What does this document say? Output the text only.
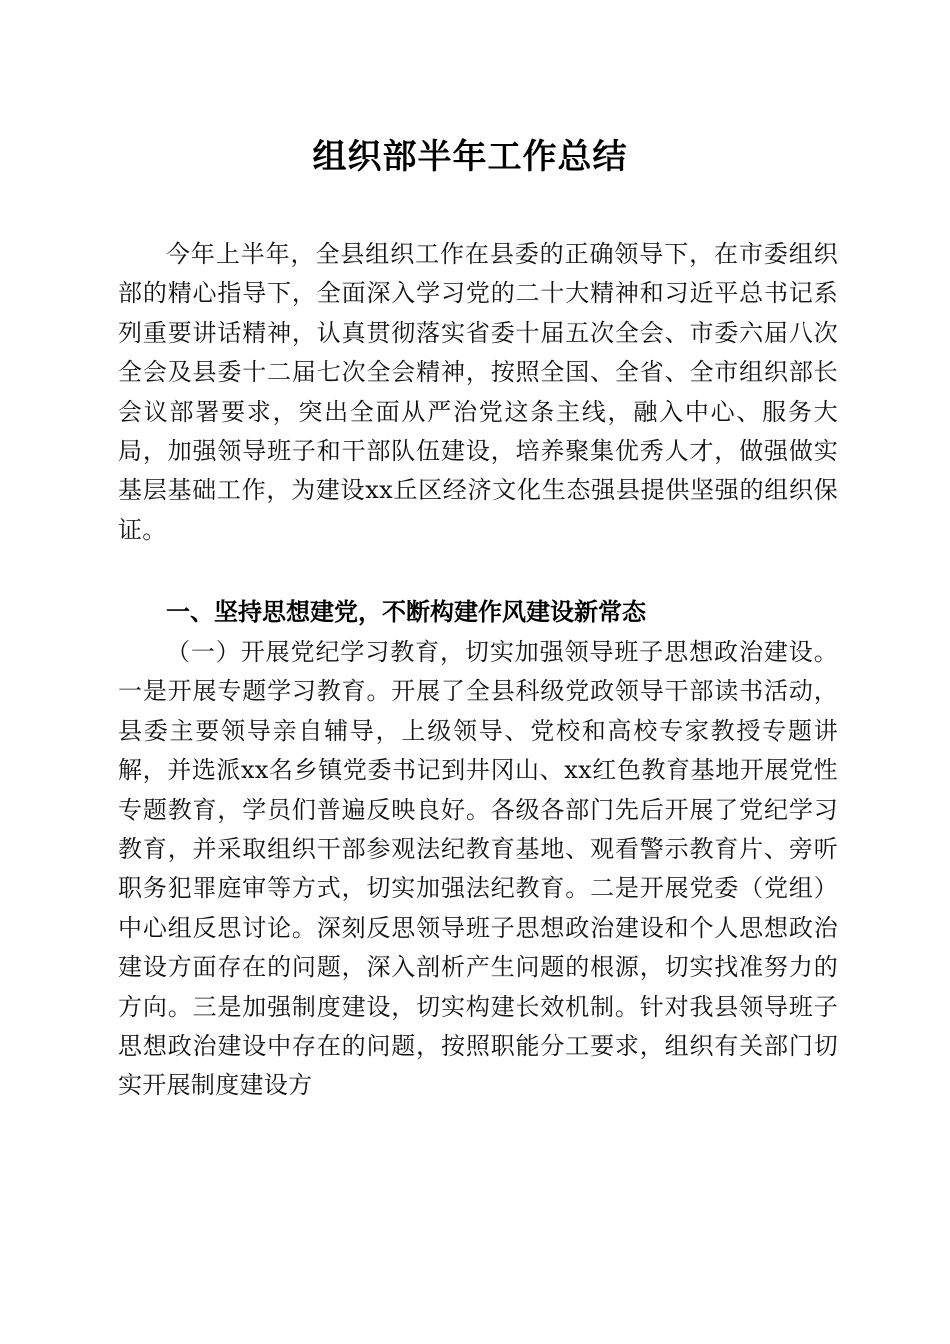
组织部半年工作总结

今年上半年，全县组织工作在县委的正确领导下，在市委组织部的精心指导下，全面深入学习党的二十大精神和习近平总书记系列重要讲话精神，认真贯彻落实省委十届五次全会、市委六届八次全会及县委十二届七次全会精神，按照全国、全省、全市组织部长会议部署要求，突出全面从严治党这条主线，融入中心、服务大局，加强领导班子和干部队伍建设，培养聚集优秀人才，做强做实基层基础工作，为建设xx丘区经济文化生态强县提供坚强的组织保证。

一、坚持思想建党，不断构建作风建设新常态

（一）开展党纪学习教育，切实加强领导班子思想政治建设。一是开展专题学习教育。开展了全县科级党政领导干部读书活动，县委主要领导亲自辅导，上级领导、党校和高校专家教授专题讲解，并选派xx名乡镇党委书记到井冈山、xx红色教育基地开展党性专题教育，学员们普遍反映良好。各级各部门先后开展了党纪学习教育，并采取组织干部参观法纪教育基地、观看警示教育片、旁听职务犯罪庭审等方式，切实加强法纪教育。二是开展党委（党组）中心组反思讨论。深刻反思领导班子思想政治建设和个人思想政治建设方面存在的问题，深入剖析产生问题的根源，切实找准努力的方向。三是加强制度建设，切实构建长效机制。针对我县领导班子思想政治建设中存在的问题，按照职能分工要求，组织有关部门切实开展制度建设方
